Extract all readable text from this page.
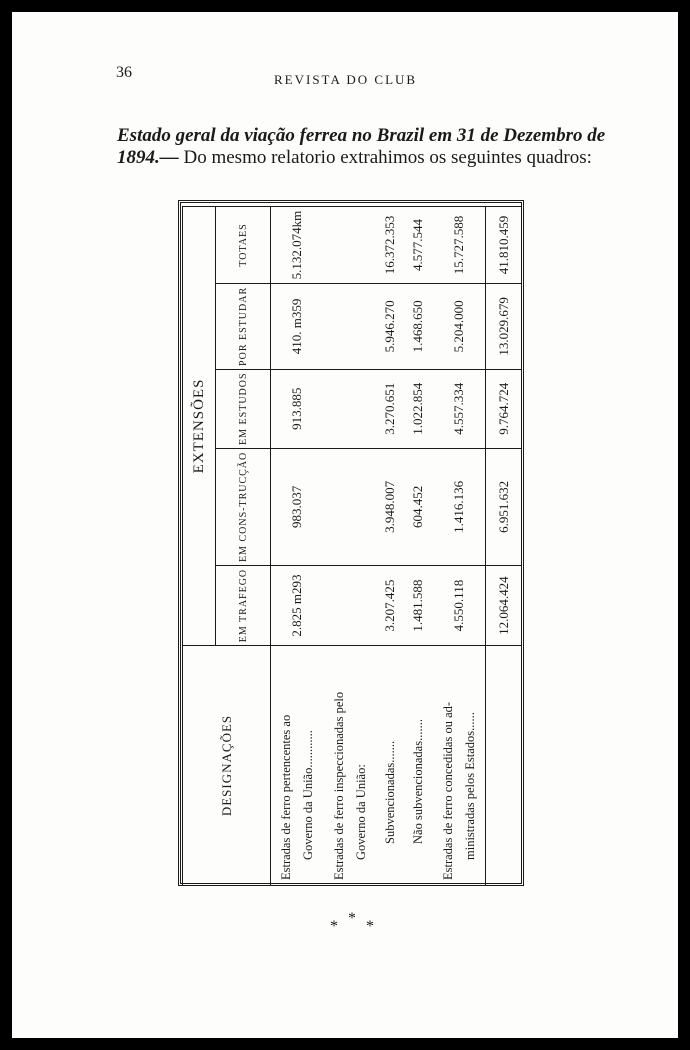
36	REVISTA DO CLUB
Estado geral da viação ferrea no Brazil em 31 de Dezembro de 1894.— Do mesmo relatorio extrahimos os seguintes quadros:
DESIGNAÇÕES	EXTENSÕES				
	EM TRAFEGO	EM CONS-TRUCÇÃO	EM ESTUDOS	POR ESTUDAR	TOTAES

Estradas de ferro pertencentes ao Governo da União............	2.825 m293	983.037	913.885	410. m359	5.132.074km

Estradas de ferro inspeccionadas pelo Governo da União:					

Subvencionadas.......	3.207.425	3.948.007	3.270.651	5.946.270	16.372.353

Não subvencionadas.......	1.481.588	604.452	1.022.854	1.468.650	4.577.544

Estradas de ferro concedidas ou ad- ministradas pelos Estados......	4.550.118	1.416.136	4.557.334	5.204.000	15.727.588
	12.064.424	6.951.632	9.764.724	13.029.679	41.810.459
* * *
